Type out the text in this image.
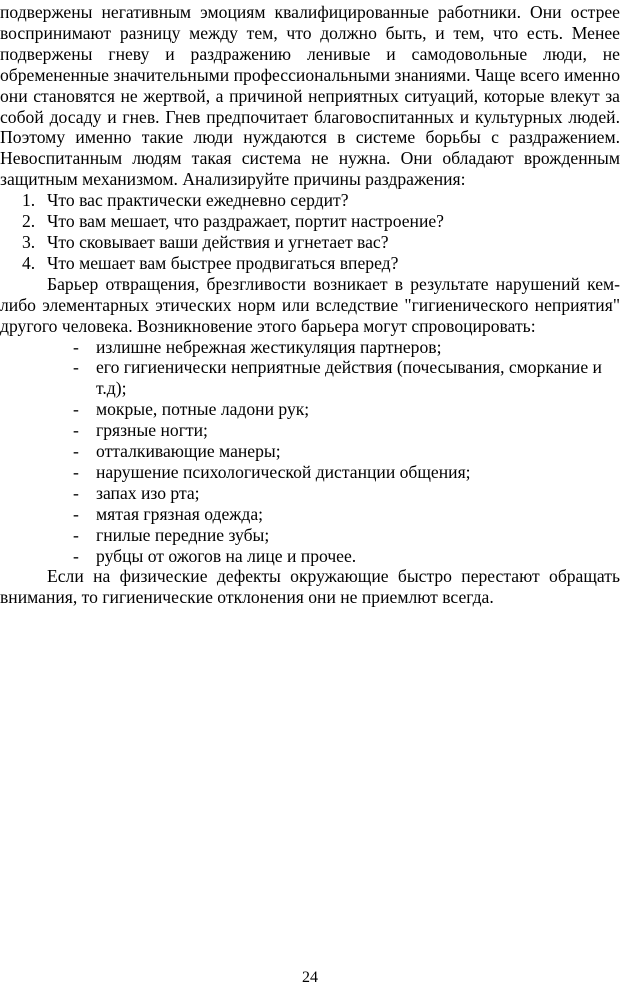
подвержены негативным эмоциям квалифицированные работники. Они острее воспринимают разницу между тем, что должно быть, и тем, что есть. Менее подвержены гневу и раздражению ленивые и самодовольные люди, не обремененные значительными профессиональными знаниями. Чаще всего именно они становятся не жертвой, а причиной неприятных ситуаций, которые влекут за собой досаду и гнев. Гнев предпочитает благовоспитанных и культурных людей. Поэтому именно такие люди нуждаются в системе борьбы с раздражением. Невоспитанным людям такая система не нужна. Они обладают врожденным защитным механизмом. Анализируйте причины раздражения:

1. Что вас практически ежедневно сердит?
2. Что вам мешает, что раздражает, портит настроение?
3. Что сковывает ваши действия и угнетает вас?
4. Что мешает вам быстрее продвигаться вперед?

Барьер отвращения, брезгливости возникает в результате нарушений кем-либо элементарных этических норм или вследствие "гигиенического неприятия" другого человека. Возникновение этого барьера могут спровоцировать:

- излишне небрежная жестикуляция партнеров;
- его гигиенически неприятные действия (почесывания, сморкание и т.д);
- мокрые, потные ладони рук;
- грязные ногти;
- отталкивающие манеры;
- нарушение психологической дистанции общения;
- запах изо рта;
- мятая грязная одежда;
- гнилые передние зубы;
- рубцы от ожогов на лице и прочее.

Если на физические дефекты окружающие быстро перестают обращать внимания, то гигиенические отклонения они не приемлют всегда.

24
